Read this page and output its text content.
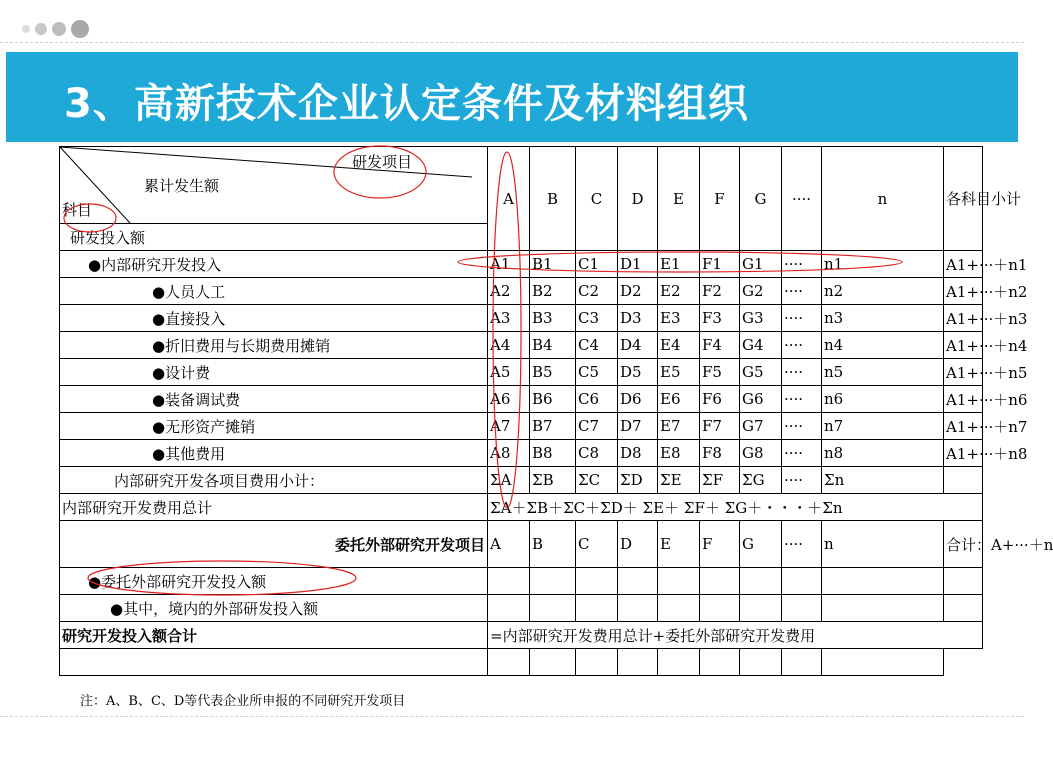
3、高新技术企业认定条件及材料组织
研发项目
累计发生额
科目	A	B	C	D	E	F	G	····	n	各科目小计
研发投入额										
●内部研究开发投入	A1	B1	C1	D1	E1	F1	G1	····	n1	A1+···＋n1
●人员人工	A2	B2	C2	D2	E2	F2	G2	····	n2	A1+···＋n2
●直接投入	A3	B3	C3	D3	E3	F3	G3	····	n3	A1+···＋n3
●折旧费用与长期费用摊销	A4	B4	C4	D4	E4	F4	G4	····	n4	A1+···＋n4
●设计费	A5	B5	C5	D5	E5	F5	G5	····	n5	A1+···＋n5
●装备调试费	A6	B6	C6	D6	E6	F6	G6	····	n6	A1+···＋n6
●无形资产摊销	A7	B7	C7	D7	E7	F7	G7	····	n7	A1+···＋n7
●其他费用	A8	B8	C8	D8	E8	F8	G8	····	n8	A1+···＋n8
内部研究开发各项目费用小计：	ΣA	ΣB	ΣC	ΣD	ΣE	ΣF	ΣG	····	Σn	
内部研究开发费用总计	ΣA＋ΣB＋ΣC＋ΣD＋ ΣE＋ ΣF＋ ΣG＋・・・＋Σn									
委托外部研究开发项目	A	B	C	D	E	F	G	····	n	合计：A+···＋n
●委托外部研究开发投入额										
●其中，境内的外部研发投入额										
研究开发投入额合计	=内部研究开发费用总计+委托外部研究开发费用									

注：A、B、C、D等代表企业所申报的不同研究开发项目
